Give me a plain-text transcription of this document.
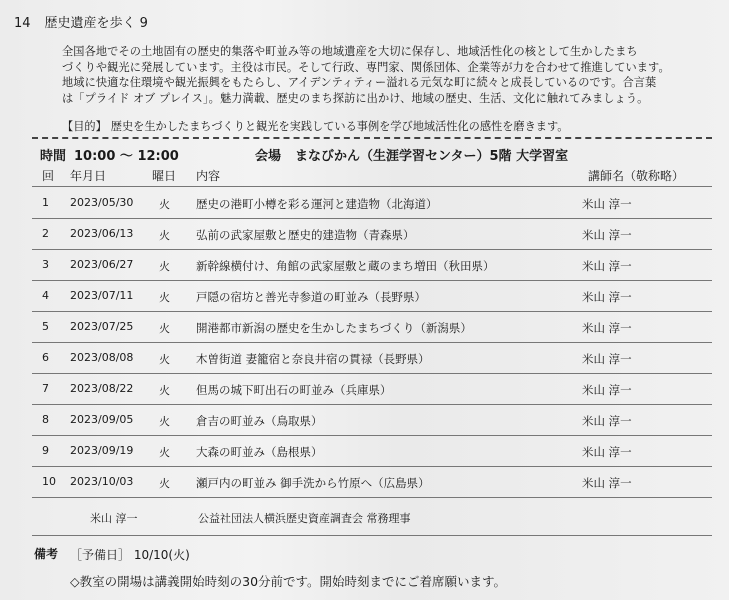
14 歴史遺産を歩く 9

全国各地でその土地固有の歴史的集落や町並み等の地域遺産を大切に保存し、地域活性化の核として生かしたまち

づくりや観光に発展しています。主役は市民。そして行政、専門家、関係団体、企業等が力を合わせて推進しています。

地域に快適な住環境や観光振興をもたらし、アイデンティティー溢れる元気な町に続々と成長しているのです。合言葉

は「プライド オブ プレイス」。魅力満載、歴史のまち探訪に出かけ、地域の歴史、生活、文化に触れてみましょう。

【目的】 歴史を生かしたまちづくりと観光を実践している事例を学び地域活性化の感性を磨きます。
時間 10:00 〜 12:00	会場 まなびかん（生涯学習センター）5階 大学習室
回 年月日	曜日 内容	講師名（敬称略）
1 2023/05/30 火 歴史の港町小樽を彩る運河と建造物（北海道）	米山 淳一
2 2023/06/13 火 弘前の武家屋敷と歴史的建造物（青森県）	米山 淳一
3 2023/06/27 火 新幹線横付け、角館の武家屋敷と蔵のまち増田（秋田県）	米山 淳一
4 2023/07/11 火 戸隠の宿坊と善光寺参道の町並み（長野県）	米山 淳一
5 2023/07/25 火 開港都市新潟の歴史を生かしたまちづくり（新潟県）	米山 淳一
6 2023/08/08 火 木曽街道 妻籠宿と奈良井宿の貫禄（長野県）	米山 淳一
7 2023/08/22 火 但馬の城下町出石の町並み（兵庫県）	米山 淳一
8 2023/09/05 火 倉吉の町並み（鳥取県）	米山 淳一
9 2023/09/19 火 大森の町並み（島根県）	米山 淳一
10 2023/10/03 火 瀬戸内の町並み 御手洗から竹原へ（広島県）	米山 淳一
米山 淳一	公益社団法人横浜歴史資産調査会 常務理事
備考 ［予備日］ 10/10(火)
◇教室の開場は講義開始時刻の30分前です。開始時刻までにご着席願います。
